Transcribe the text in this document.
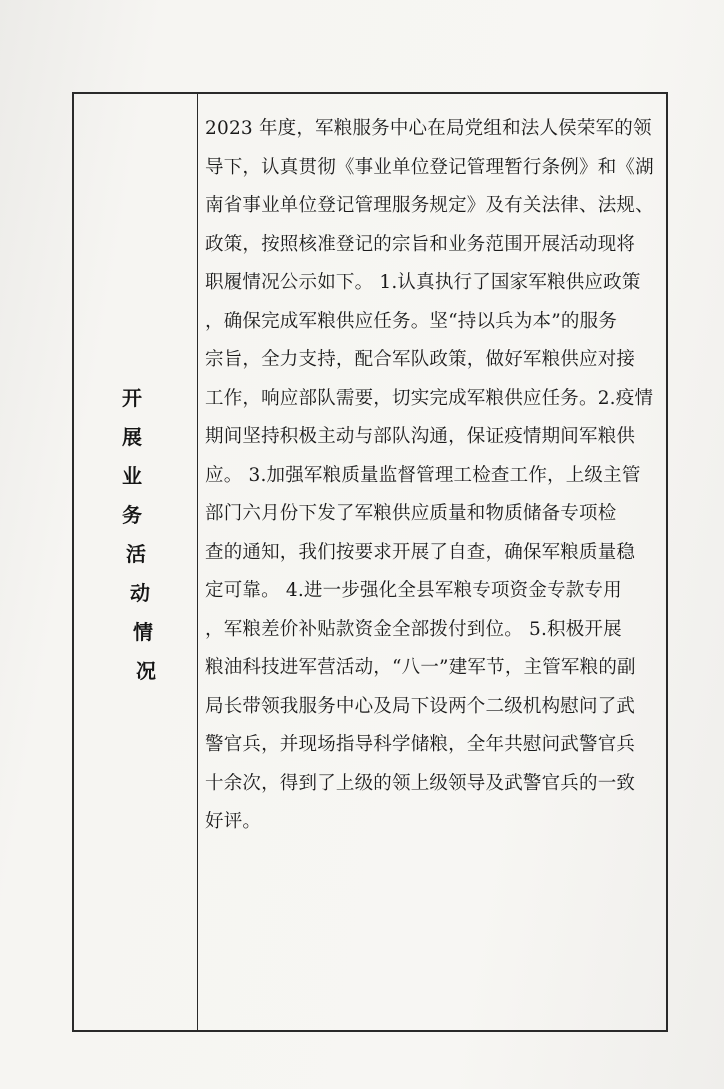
开
展
业
务
活
动
情
况
2023 年度，军粮服务中心在局党组和法人侯荣军的领
导下，认真贯彻《事业单位登记管理暂行条例》和《湖
南省事业单位登记管理服务规定》及有关法律、法规、
政策，按照核准登记的宗旨和业务范围开展活动现将
职履情况公示如下。 1.认真执行了国家军粮供应政策
，确保完成军粮供应任务。坚“持以兵为本”的服务
宗旨，全力支持，配合军队政策，做好军粮供应对接
工作，响应部队需要，切实完成军粮供应任务。2.疫情
期间坚持积极主动与部队沟通，保证疫情期间军粮供
应。 3.加强军粮质量监督管理工检查工作，上级主管
部门六月份下发了军粮供应质量和物质储备专项检
查的通知，我们按要求开展了自查，确保军粮质量稳
定可靠。 4.进一步强化全县军粮专项资金专款专用
，军粮差价补贴款资金全部拨付到位。 5.积极开展
粮油科技进军营活动，“八一”建军节，主管军粮的副
局长带领我服务中心及局下设两个二级机构慰问了武
警官兵，并现场指导科学储粮，全年共慰问武警官兵
十余次，得到了上级的领上级领导及武警官兵的一致
好评。
